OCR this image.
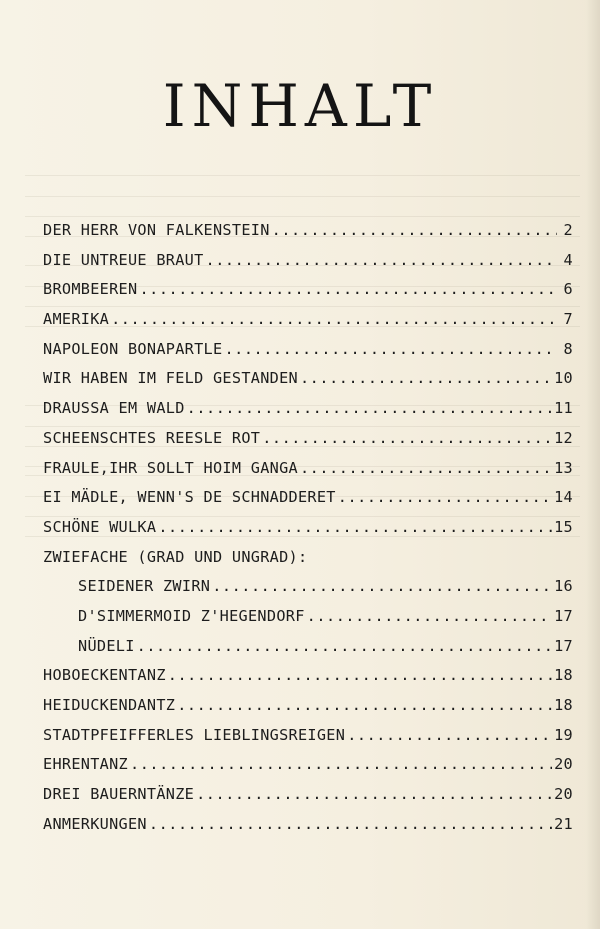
INHALT
DER HERR VON FALKENSTEIN .....	2
DIE UNTREUE BRAUT .....	4
BROMBEEREN .....	6
AMERIKA .....	7
NAPOLEON BONAPARTLE .....	8
WIR HABEN IM FELD GESTANDEN .....	10
DRAUSSA EM WALD .....	11
SCHEENSCHTES REESLE ROT .....	12
FRAULE,IHR SOLLT HOIM GANGA .....	13
EI MÄDLE, WENN'S DE SCHNADDERET .....	14
SCHÖNE WULKA .....	15
ZWIEFACHE (GRAD UND UNGRAD):
SEIDENER ZWIRN .....	16
D'SIMMERMOID Z'HEGENDORF .....	17
NÜDELI .....	17
HOBOECKENTANZ .....	18
HEIDUCKENDANTZ .....	18
STADTPFEIFFERLES LIEBLINGSREIGEN .....	19
EHRENTANZ .....	20
DREI BAUERNTÄNZE .....	20
ANMERKUNGEN .....	21
